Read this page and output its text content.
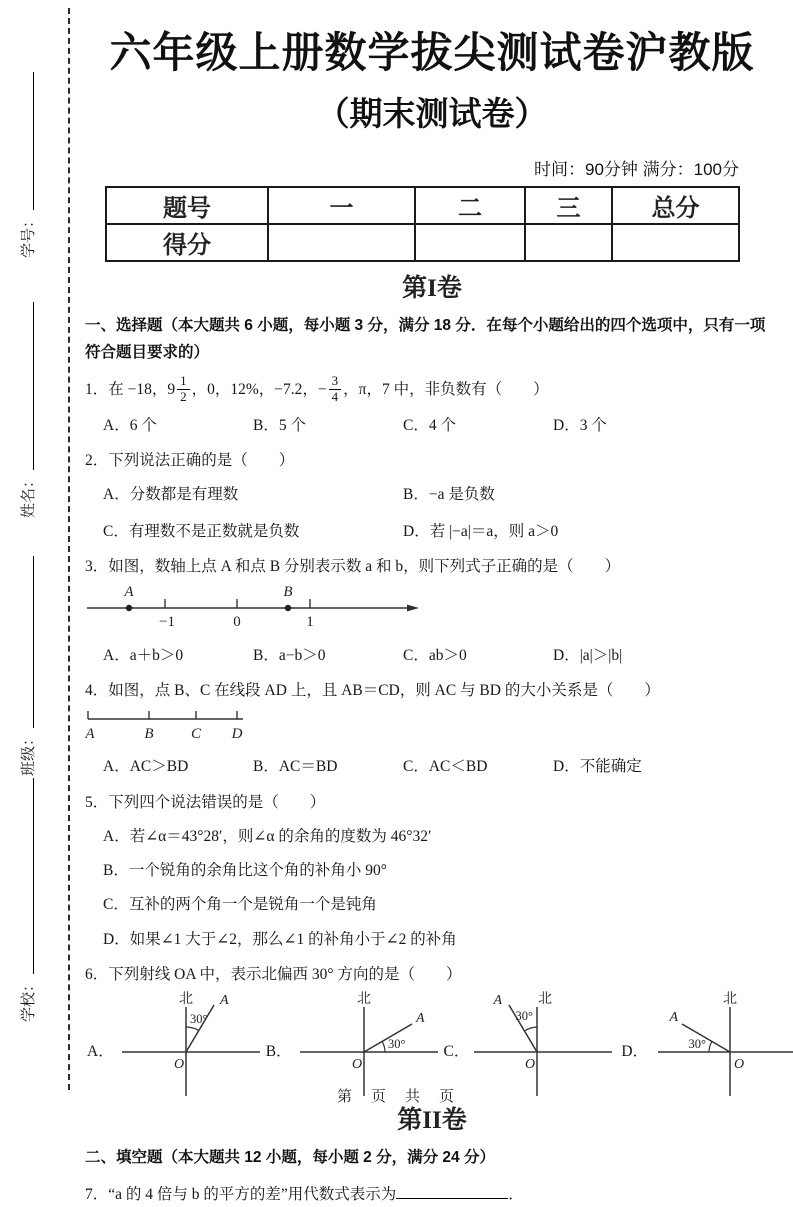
学号：
姓名：
班级：
学校：
六年级上册数学拔尖测试卷沪教版
（期末测试卷）
时间：90分钟 满分：100分
题号	一	二	三	总分
得分				
第I卷
一、选择题（本大题共 6 小题，每小题 3 分，满分 18 分．在每个小题给出的四个选项中，只有一项符合题目要求的）
1．在 −18，$9 \frac{1}{2}$ ，0，12%，−7.2，− $\frac{3}{4}$ ，π，7 中，非负数有（　　）
A．6 个	B．5 个	C．4 个	D．3 个
2．下列说法正确的是（　　）
A．分数都是有理数	B．−a 是负数
C．有理数不是正数就是负数	D．若 |−a|＝a，则 a＞0
3．如图，数轴上点 A 和点 B 分别表示数 a 和 b，则下列式子正确的是（　　）
A	B
−1	0	1
A．a＋b＞0	B．a−b＞0	C．ab＞0	D．|a|＞|b|
4．如图，点 B、C 在线段 AD 上，且 AB＝CD，则 AC 与 BD 的大小关系是（　　）
A	B C D
A．AC＞BD	B．AC＝BD	C．AC＜BD	D．不能确定
5．下列四个说法错误的是（　　）
A．若∠α＝43°28′，则∠α 的余角的度数为 46°32′
B．一个锐角的余角比这个角的补角小 90°
C．互补的两个角一个是锐角一个是钝角
D．如果∠1 大于∠2，那么∠1 的补角小于∠2 的补角
6．下列射线 OA 中，表示北偏西 30° 方向的是（　　）
A．
北
30°
A
O
B．
北
30°
A
O
C．
北
30°
A
O
D．
北
30°
A
O
第II卷
二、填空题（本大题共 12 小题，每小题 2 分，满分 24 分）
7．“a 的 4 倍与 b 的平方的差”用代数式表示为	．
第　页　共　页
